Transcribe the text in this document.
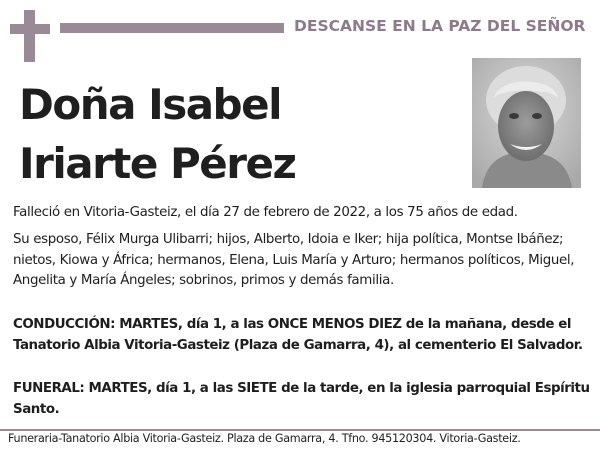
DESCANSE EN LA PAZ DEL SEÑOR
Doña Isabel
Iriarte Pérez
Falleció en Vitoria-Gasteiz, el día 27 de febrero de 2022, a los 75 años de edad.
Su esposo, Félix Murga Ulibarri; hijos, Alberto, Idoia e Iker; hija política, Montse Ibáñez; nietos, Kiowa y África; hermanos, Elena, Luis María y Arturo; hermanos políticos, Miguel, Angelita y María Ángeles; sobrinos, primos y demás familia.
CONDUCCIÓN: MARTES, día 1, a las ONCE MENOS DIEZ de la mañana, desde el Tanatorio Albia Vitoria-Gasteiz (Plaza de Gamarra, 4), al cementerio El Salvador.
FUNERAL: MARTES, día 1, a las SIETE de la tarde, en la iglesia parroquial Espíritu Santo.
Funeraria-Tanatorio Albia Vitoria-Gasteiz. Plaza de Gamarra, 4. Tfno. 945120304. Vitoria-Gasteiz.
